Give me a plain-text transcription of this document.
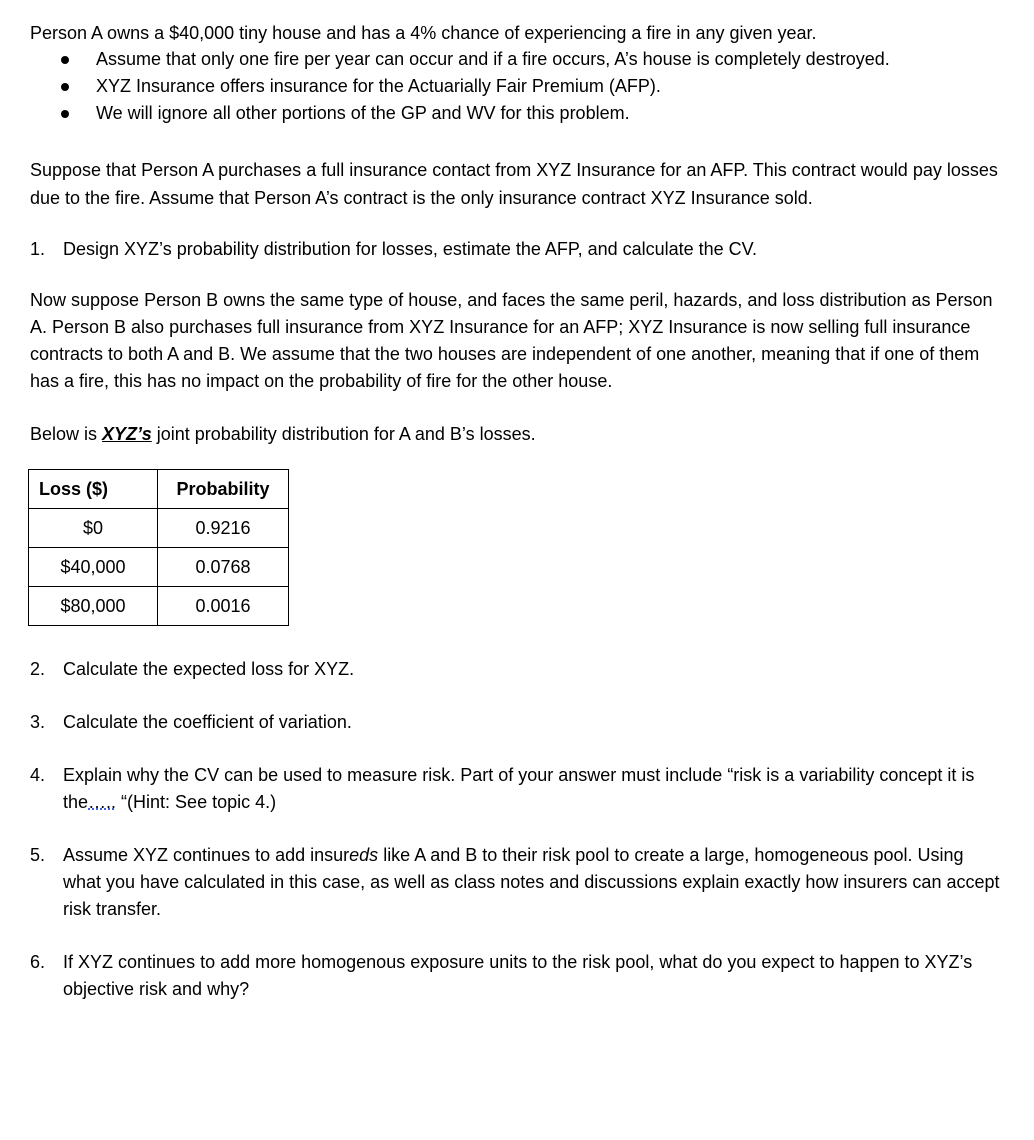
Person A owns a $40,000 tiny house and has a 4% chance of experiencing a fire in any given year.

Assume that only one fire per year can occur and if a fire occurs, A’s house is completely destroyed.
XYZ Insurance offers insurance for the Actuarially Fair Premium (AFP).
We will ignore all other portions of the GP and WV for this problem.

Suppose that Person A purchases a full insurance contact from XYZ Insurance for an AFP. This contract would pay losses due to the fire. Assume that Person A’s contract is the only insurance contract XYZ Insurance sold.

1. Design XYZ’s probability distribution for losses, estimate the AFP, and calculate the CV.

Now suppose Person B owns the same type of house, and faces the same peril, hazards, and loss distribution as Person A. Person B also purchases full insurance from XYZ Insurance for an AFP; XYZ Insurance is now selling full insurance contracts to both A and B. We assume that the two houses are independent of one another, meaning that if one of them has a fire, this has no impact on the probability of fire for the other house.

Below is XYZ’s joint probability distribution for A and B’s losses.

Loss ($)	Probability
$0	0.9216
$40,000	0.0768
$80,000	0.0016
2. Calculate the expected loss for XYZ.
3. Calculate the coefficient of variation.
4. Explain why the CV can be used to measure risk. Part of your answer must include “risk is a variability concept it is the….. “(Hint: See topic 4.)
5. Assume XYZ continues to add insureds like A and B to their risk pool to create a large, homogeneous pool. Using what you have calculated in this case, as well as class notes and discussions explain exactly how insurers can accept risk transfer.
6. If XYZ continues to add more homogenous exposure units to the risk pool, what do you expect to happen to XYZ’s objective risk and why?
